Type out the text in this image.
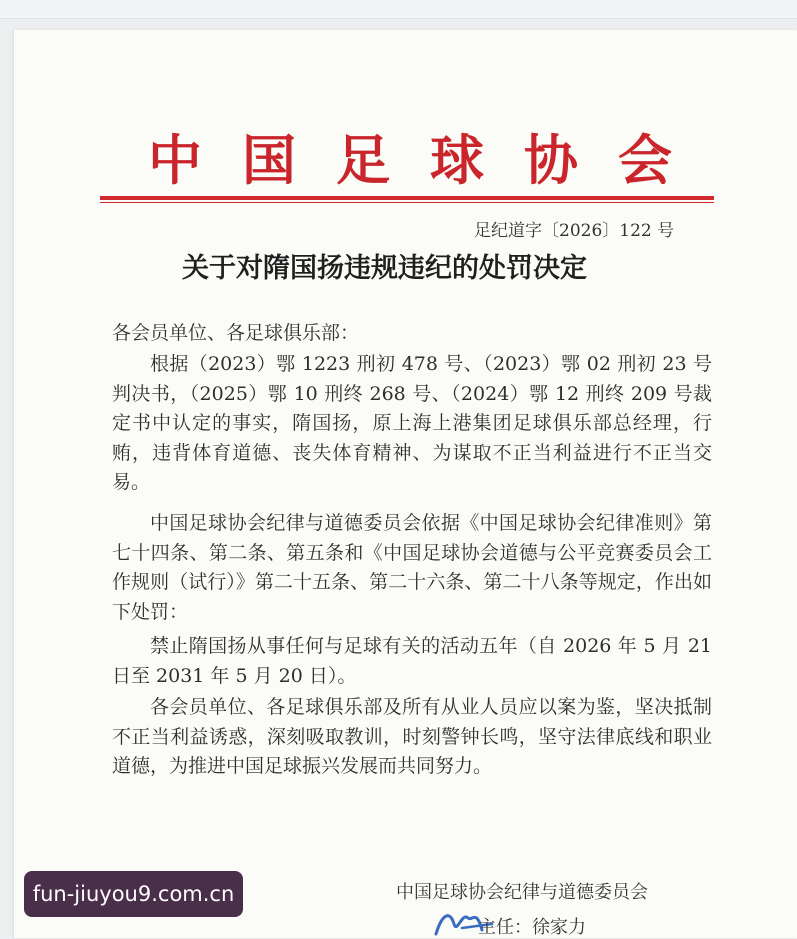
中国足球协会
足纪道字〔2026〕122 号
关于对隋国扬违规违纪的处罚决定
各会员单位、各足球俱乐部：
根据（2023）鄂 1223 刑初 478 号、（2023）鄂 02 刑初 23 号判决书，（2025）鄂 10 刑终 268 号、（2024）鄂 12 刑终 209 号裁定书中认定的事实，隋国扬，原上海上港集团足球俱乐部总经理，行贿，违背体育道德、丧失体育精神、为谋取不正当利益进行不正当交易。
中国足球协会纪律与道德委员会依据《中国足球协会纪律准则》第七十四条、第二条、第五条和《中国足球协会道德与公平竞赛委员会工作规则（试行）》第二十五条、第二十六条、第二十八条等规定，作出如下处罚：
禁止隋国扬从事任何与足球有关的活动五年（自 2026 年 5 月 21 日至 2031 年 5 月 20 日）。
各会员单位、各足球俱乐部及所有从业人员应以案为鉴，坚决抵制不正当利益诱惑，深刻吸取教训，时刻警钟长鸣，坚守法律底线和职业道德，为推进中国足球振兴发展而共同努力。
中国足球协会纪律与道德委员会
主任：徐家力
fun-jiuyou9.com.cn
